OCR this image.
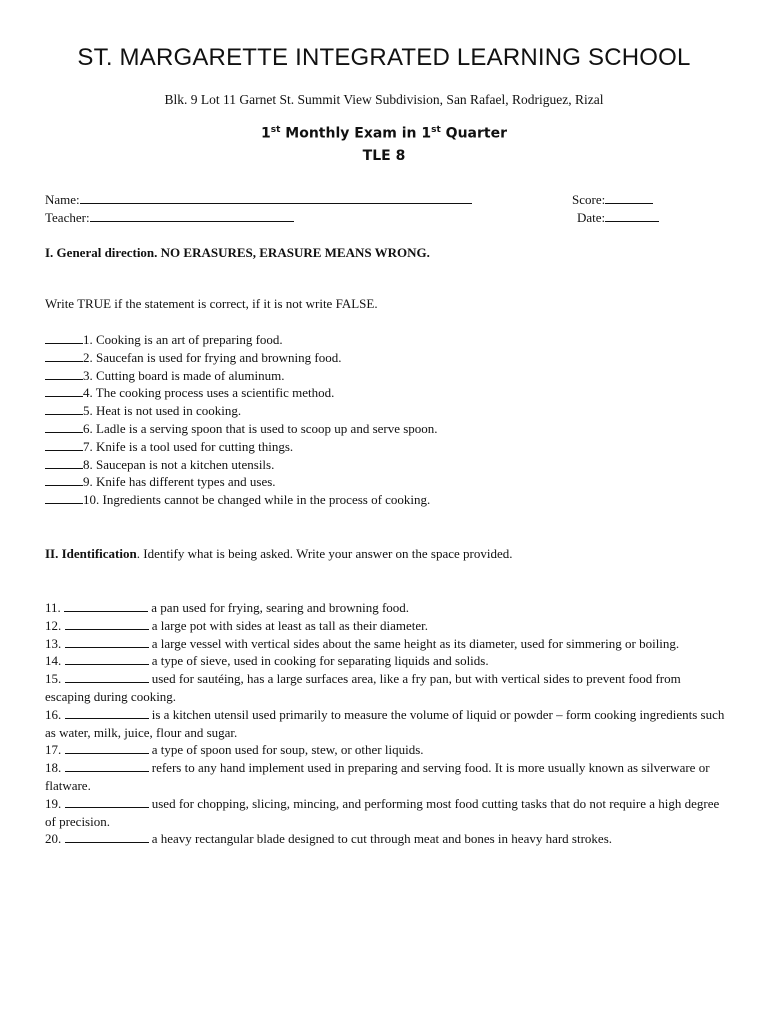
ST. MARGARETTE INTEGRATED LEARNING SCHOOL
Blk. 9 Lot 11 Garnet St. Summit View Subdivision, San Rafael, Rodriguez, Rizal
1st Monthly Exam in 1st Quarter
TLE 8
Name:
Teacher:
Score:
Date:
I. General direction. NO ERASURES, ERASURE MEANS WRONG.
Write TRUE if the statement is correct, if it is not write FALSE.
1. Cooking is an art of preparing food.
2. Saucefan is used for frying and browning food.
3. Cutting board is made of aluminum.
4. The cooking process uses a scientific method.
5. Heat is not used in cooking.
6. Ladle is a serving spoon that is used to scoop up and serve spoon.
7. Knife is a tool used for cutting things.
8. Saucepan is not a kitchen utensils.
9. Knife has different types and uses.
10. Ingredients cannot be changed while in the process of cooking.
II. Identification. Identify what is being asked. Write your answer on the space provided.
11.	a pan used for frying, searing and browning food.
12.	a large pot with sides at least as tall as their diameter.
13.	a large vessel with vertical sides about the same height as its diameter, used for simmering or boiling.
14.	a type of sieve, used in cooking for separating liquids and solids.
15.	used for sautéing, has a large surfaces area, like a fry pan, but with vertical sides to prevent food from escaping during cooking.
16.	is a kitchen utensil used primarily to measure the volume of liquid or powder – form cooking ingredients such as water, milk, juice, flour and sugar.
17.	a type of spoon used for soup, stew, or other liquids.
18.	refers to any hand implement used in preparing and serving food. It is more usually known as silverware or flatware.
19.	used for chopping, slicing, mincing, and performing most food cutting tasks that do not require a high degree of precision.
20.	a heavy rectangular blade designed to cut through meat and bones in heavy hard strokes.
